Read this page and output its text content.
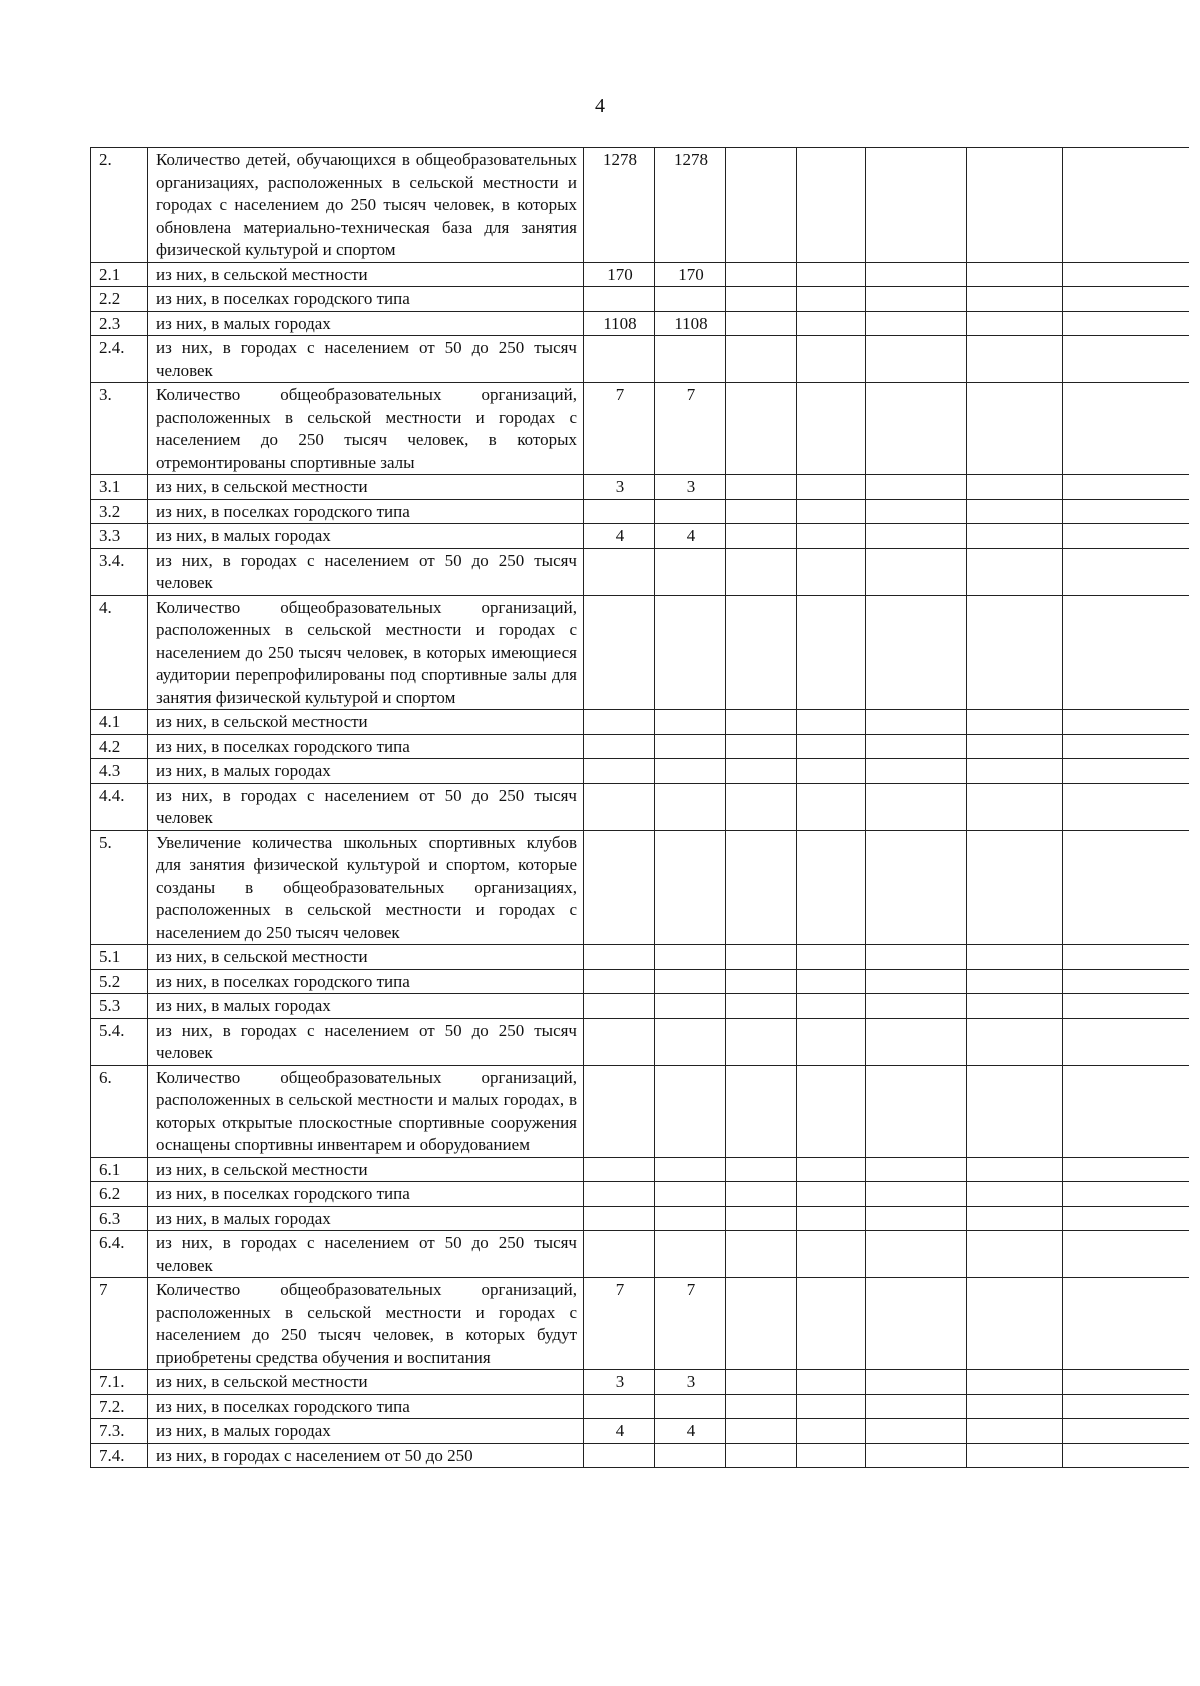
4
2.	Количество детей, обучающихся в общеобразовательных организациях, расположенных в сельской местности и городах с населением до 250 тысяч человек, в которых обновлена материально-техническая база для занятия физической культурой и спортом	1278	1278					
2.1	из них, в сельской местности	170	170					
2.2	из них, в поселках городского типа							
2.3	из них, в малых городах	1108	1108					
2.4.	из них, в городах с населением от 50 до 250 тысяч человек							
3.	Количество общеобразовательных организаций, расположенных в сельской местности и городах с населением до 250 тысяч человек, в которых отремонтированы спортивные залы	7	7					
3.1	из них, в сельской местности	3	3					
3.2	из них, в поселках городского типа							
3.3	из них, в малых городах	4	4					
3.4.	из них, в городах с населением от 50 до 250 тысяч человек							
4.	Количество общеобразовательных организаций, расположенных в сельской местности и городах с населением до 250 тысяч человек, в которых имеющиеся аудитории перепрофилированы под спортивные залы для занятия физической культурой и спортом							
4.1	из них, в сельской местности							
4.2	из них, в поселках городского типа							
4.3	из них, в малых городах							
4.4.	из них, в городах с населением от 50 до 250 тысяч человек							
5.	Увеличение количества школьных спортивных клубов для занятия физической культурой и спортом, которые созданы в общеобразовательных организациях, расположенных в сельской местности и городах с населением до 250 тысяч человек							
5.1	из них, в сельской местности							
5.2	из них, в поселках городского типа							
5.3	из них, в малых городах							
5.4.	из них, в городах с населением от 50 до 250 тысяч человек							
6.	Количество общеобразовательных организаций, расположенных в сельской местности и малых городах, в которых открытые плоскостные спортивные сооружения оснащены спортивны инвентарем и оборудованием							
6.1	из них, в сельской местности							
6.2	из них, в поселках городского типа							
6.3	из них, в малых городах							
6.4.	из них, в городах с населением от 50 до 250 тысяч человек							
7	Количество общеобразовательных организаций, расположенных в сельской местности и городах с населением до 250 тысяч человек, в которых будут приобретены средства обучения и воспитания	7	7					
7.1.	из них, в сельской местности	3	3					
7.2.	из них, в поселках городского типа							
7.3.	из них, в малых городах	4	4					
7.4.	из них, в городах с населением от 50 до 250							
